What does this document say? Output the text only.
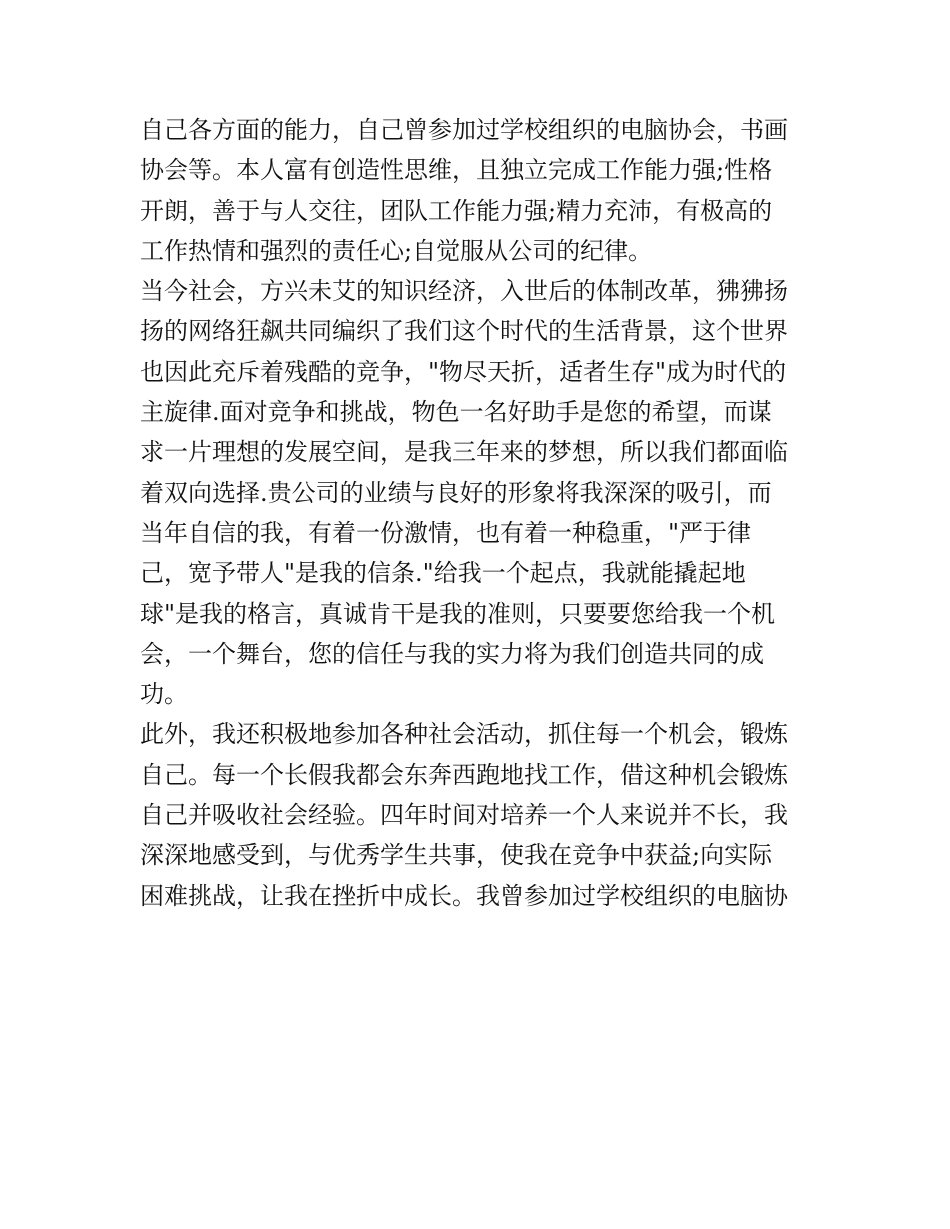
自己各方面的能力，自己曾参加过学校组织的电脑协会，书画
协会等。本人富有创造性思维，且独立完成工作能力强;性格
开朗，善于与人交往，团队工作能力强;精力充沛，有极高的
工作热情和强烈的责任心;自觉服从公司的纪律。
当今社会，方兴未艾的知识经济，入世后的体制改革，狒狒扬
扬的网络狂飙共同编织了我们这个时代的生活背景，这个世界
也因此充斥着残酷的竞争，"物尽天折，适者生存"成为时代的
主旋律.面对竞争和挑战，物色一名好助手是您的希望，而谋
求一片理想的发展空间，是我三年来的梦想，所以我们都面临
着双向选择.贵公司的业绩与良好的形象将我深深的吸引，而
当年自信的我，有着一份激情，也有着一种稳重，"严于律
己，宽予带人"是我的信条."给我一个起点，我就能撬起地
球"是我的格言，真诚肯干是我的准则，只要要您给我一个机
会，一个舞台，您的信任与我的实力将为我们创造共同的成
功。
此外，我还积极地参加各种社会活动，抓住每一个机会，锻炼
自己。每一个长假我都会东奔西跑地找工作，借这种机会锻炼
自己并吸收社会经验。四年时间对培养一个人来说并不长，我
深深地感受到，与优秀学生共事，使我在竞争中获益;向实际
困难挑战，让我在挫折中成长。我曾参加过学校组织的电脑协
